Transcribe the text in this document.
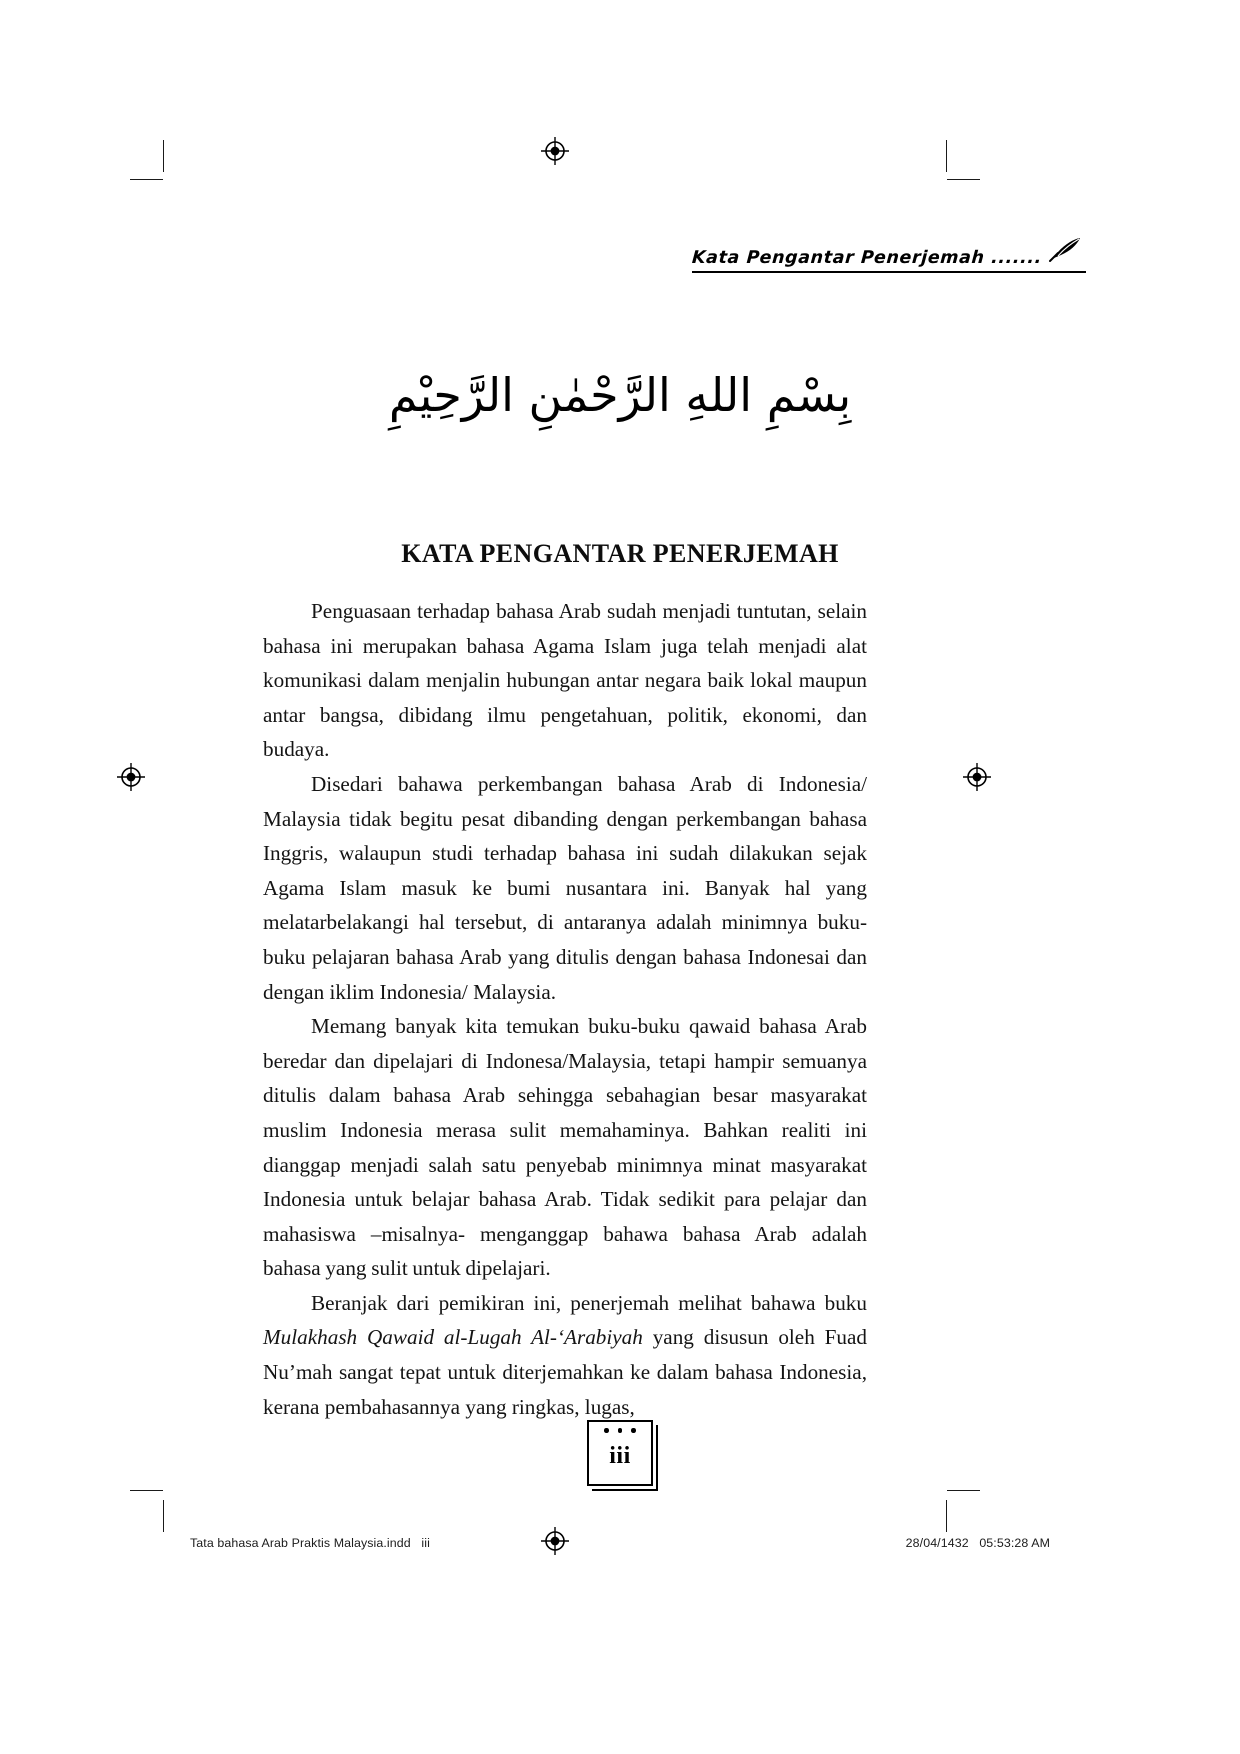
Kata Pengantar Penerjemah .......
بِسْمِ اللهِ الرَّحْمٰنِ الرَّحِيْمِ
KATA PENGANTAR PENERJEMAH

Penguasaan terhadap bahasa Arab sudah menjadi tuntutan, selain bahasa ini merupakan bahasa Agama Islam juga telah menjadi alat komunikasi dalam menjalin hubungan antar negara baik lokal maupun antar bangsa, dibidang ilmu pengetahuan, politik, ekonomi, dan budaya.

Disedari bahawa perkembangan bahasa Arab di Indonesia/ Malaysia tidak begitu pesat dibanding dengan perkembangan bahasa Inggris, walaupun studi terhadap bahasa ini sudah dilakukan sejak Agama Islam masuk ke bumi nusantara ini. Banyak hal yang melatarbelakangi hal tersebut, di antaranya adalah minimnya buku-buku pelajaran bahasa Arab yang ditulis dengan bahasa Indonesai dan dengan iklim Indonesia/ Malaysia.

Memang banyak kita temukan buku-buku qawaid bahasa Arab beredar dan dipelajari di Indonesa/Malaysia, tetapi hampir semuanya ditulis dalam bahasa Arab sehingga sebahagian besar masyarakat muslim Indonesia merasa sulit memahaminya. Bahkan realiti ini dianggap menjadi salah satu penyebab minimnya minat masyarakat Indonesia untuk belajar bahasa Arab. Tidak sedikit para pelajar dan mahasiswa –misalnya- menganggap bahawa bahasa Arab adalah bahasa yang sulit untuk dipelajari.

Beranjak dari pemikiran ini, penerjemah melihat bahawa buku Mulakhash Qawaid al-Lugah Al-‘Arabiyah yang disusun oleh Fuad Nu’mah sangat tepat untuk diterjemahkan ke dalam bahasa Indonesia, kerana pembahasannya yang ringkas, lugas,

iii
Tata bahasa Arab Praktis Malaysia.indd   iii	28/04/1432   05:53:28 AM
